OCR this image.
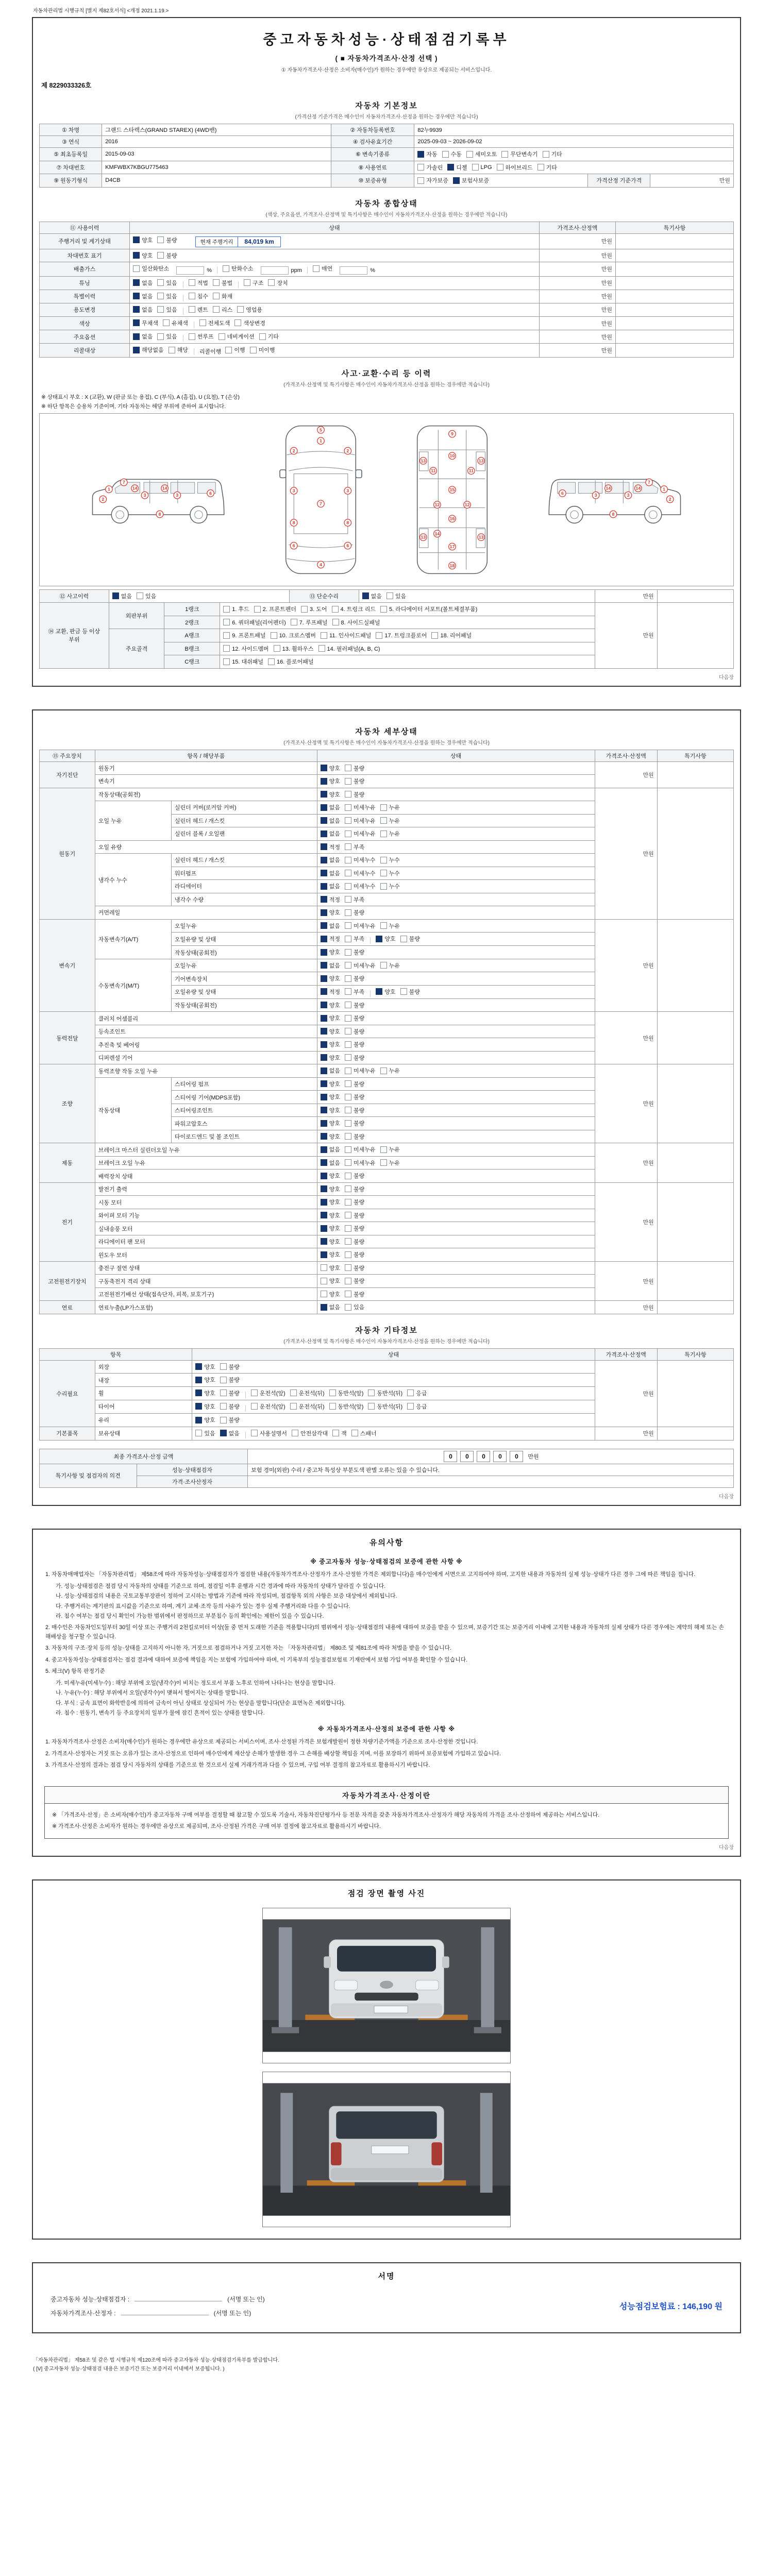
자동차관리법 시행규칙 [별지 제82호서식] <개정 2021.1.19.>
중고자동차성능·상태점검기록부
( ■ 자동차가격조사·산정 선택 )
① 자동차가격조사·산정은 소비자(매수인)가 원하는 경우에만 유상으로 제공되는 서비스입니다.
제 8229033326호
자동차 기본정보
(가격산정 기준가격은 매수인이 자동차가격조사·산정을 원하는 경우에만 적습니다)
① 차명	그랜드 스타렉스(GRAND STAREX) (4WD밴)	② 자동차등록번호	82누9939		
③ 연식	2016	④ 검사유효기간	2025-09-03 ~ 2026-09-02		
⑤ 최초등록일	2015-09-03	⑥ 변속기종류	자동 수동 세미오토 무단변속기 기타		

⑦ 차대번호	KMFWBX7KBGU775463	⑧ 사용연료	가솔린 디젤 LPG 하이브리드 기타		

⑨ 원동기형식	D4CB	⑩ 보증유형	자가보증 보험사보증	가격산정 기준가격	만원
자동차 종합상태
(색상, 주요옵션, 가격조사·산정액 및 특기사항은 매수인이 자동차가격조사·산정을 원하는 경우에만 적습니다)
⑪ 사용이력	상태	가격조사·산정액	특기사항
주행거리 및 계기상태	양호 불량 현재 주행거리 84,019 km	만원	
차대번호 표기	양호 불량	만원	
배출가스	일산화탄소	%	탄화수소	ppm	매연	%	만원	
튜닝	없음 있음	적법 불법	구조 장치	만원	
특별이력	없음 있음 침수 화재	만원	
용도변경	없음 있음 렌트 리스 영업용	만원	
색상	무채색 유채색 전체도색 색상변경	만원	
주요옵션	없음 있음 썬루프 네비게이션 기타	만원	
리콜대상	해당없음 해당 리콜이행 이행 미이행	만원	
사고·교환·수리 등 이력
(가격조사·산정액 및 특기사항은 매수인이 자동차가격조사·산정을 원하는 경우에만 적습니다)
※ 상태표시 부호 : X (교환), W (판금 또는 용접), C (부식), A (흠집), U (요철), T (손상)
※ 하단 항목은 승용차 기준이며, 기타 자동차는 해당 부위에 준하여 표시합니다.
1
7
2
3	3	6
8
14	14
1
5
2	2
3	3
7
8	8
6	6
4
9
10
11	11
12	12
13	13
13	13
15
16
17
18
14
1
7
2
3
3
6
8
14
14
⑫ 사고이력	없음 있음	⑬ 단순수리	없음 있음	만원	
⑭ 교환, 판금 등 이상 부위	외판부위	1랭크	1. 후드 2. 프론트펜더 3. 도어 4. 트렁크 리드 5. 라디에이터 서포트(볼트체결부품)	만원	
		2랭크	6. 쿼터패널(리어펜더) 7. 루프패널 8. 사이드실패널		

	주요골격	A랭크	9. 프론트패널 10. 크로스멤버 11. 인사이드패널 17. 트렁크플로어 18. 리어패널		

		B랭크	12. 사이드멤버 13. 휠하우스 14. 필러패널(A, B, C)		

		C랭크	15. 대쉬패널 16. 플로어패널		
다음장
자동차 세부상태
(가격조사·산정액 및 특기사항은 매수인이 자동차가격조사·산정을 원하는 경우에만 적습니다)
⑮ 주요장치	항목 / 해당부품		상태	가격조사·산정액	특기사항
자기진단	원동기		양호 불량	만원	
	변속기		양호 불량		

원동기	작동상태(공회전)		양호 불량	만원	
	오일 누유	실린더 커버(로커암 커버)	없음 미세누유 누유		

		실린더 헤드 / 개스킷	없음 미세누유 누유		

		실린더 블록 / 오일팬	없음 미세누유 누유		

	오일 유량		적정 부족		

	냉각수 누수	실린더 헤드 / 개스킷	없음 미세누수 누수		

		워터펌프	없음 미세누수 누수		

		라디에이터	없음 미세누수 누수		

		냉각수 수량	적정 부족		

	커먼레일		양호 불량		

변속기	자동변속기(A/T)	오일누유	없음 미세누유 누유	만원	
		오일유량 및 상태	적정 부족 양호 불량		

		작동상태(공회전)	양호 불량		

	수동변속기(M/T)	오일누유	없음 미세누유 누유		

		기어변속장치	양호 불량		

		오일유량 및 상태	적정 부족 양호 불량		

		작동상태(공회전)	양호 불량		

동력전달	클러치 어셈블리		양호 불량	만원	
	등속조인트		양호 불량		

	추진축 및 베어링		양호 불량		

	디퍼렌셜 기어		양호 불량		

조향	동력조향 작동 오일 누유		없음 미세누유 누유	만원	
	작동상태	스티어링 펌프	양호 불량		

		스티어링 기어(MDPS포함)	양호 불량		

		스티어링조인트	양호 불량		

		파워고압호스	양호 불량		

		타이로드엔드 및 볼 조인트	양호 불량		

제동	브레이크 마스터 실린더오일 누유		없음 미세누유 누유	만원	
	브레이크 오일 누유		없음 미세누유 누유		

	배력장치 상태		양호 불량		

전기	발전기 출력		양호 불량	만원	
	시동 모터		양호 불량		

	와이퍼 모터 기능		양호 불량		

	실내송풍 모터		양호 불량		

	라디에이터 팬 모터		양호 불량		

	윈도우 모터		양호 불량		

고전원전기장치	충전구 절연 상태		양호 불량	만원	
	구동축전지 격리 상태		양호 불량		

	고전원전기배선 상태(접속단자, 피복, 보호기구)		양호 불량		

연료	연료누출(LP가스포함)		없음 있음	만원	
자동차 기타정보
(가격조사·산정액 및 특기사항은 매수인이 자동차가격조사·산정을 원하는 경우에만 적습니다)
항목		상태	가격조사·산정액	특기사항
수리필요	외장	양호 불량	만원	
	내장	양호 불량		

휠	양호 불량	운전석(앞) 운전석(뒤) 동반석(앞) 동반석(뒤) 응급

타이어	양호 불량	운전석(앞) 운전석(뒤) 동반석(앞) 동반석(뒤) 응급

	유리	양호 불량		

기본품목	보유상태	있음 없음	사용설명서 안전삼각대 잭 스패너	만원	
최종 가격조사·산정 금액		0 0 0 0 0 만원
특기사항 및 점검자의 의견	성능·상태점검자	보험 경미(외판) 수리 / 중고차 특성상 부분도색 판별 오류는 있을 수 있습니다.
	가격·조사산정자	
다음장
유의사항
※ 중고자동차 성능·상태점검의 보증에 관한 사항 ※
1. 자동차매매업자는 「자동차관리법」 제58조에 따라 자동차성능·상태점검자가 점검한 내용(자동차가격조사·산정자가 조사·산정한 가격은 제외합니다)을 매수인에게 서면으로 고지하여야 하며, 고지한 내용과 자동차의 실제 성능·상태가 다른 경우 그에 따른 책임을 집니다.
가. 성능·상태점검은 점검 당시 자동차의 상태를 기준으로 하며, 점검일 이후 운행과 시간 경과에 따라 자동차의 상태가 달라질 수 있습니다.
나. 성능·상태점검의 내용은 국토교통부장관이 정하여 고시하는 방법과 기준에 따라 작성되며, 점검항목 외의 사항은 보증 대상에서 제외됩니다.
다. 주행거리는 계기판의 표시값을 기준으로 하며, 계기 교체·조작 등의 사유가 있는 경우 실제 주행거리와 다를 수 있습니다.
라. 침수 여부는 점검 당시 확인이 가능한 범위에서 판정하므로 부분침수 등의 확인에는 제한이 있을 수 있습니다.
2. 매수인은 자동차인도일부터 30일 이상 또는 주행거리 2천킬로미터 이상(둘 중 먼저 도래한 기준을 적용합니다)의 범위에서 성능·상태점검의 내용에 대하여 보증을 받을 수 있으며, 보증기간 또는 보증거리 이내에 고지한 내용과 자동차의 실제 상태가 다른 경우에는 계약의 해제 또는 손해배상을 청구할 수 있습니다.
3. 자동차의 구조·장치 등의 성능·상태를 고지하지 아니한 자, 거짓으로 점검하거나 거짓 고지한 자는 「자동차관리법」 제80조 및 제81조에 따라 처벌을 받을 수 있습니다.
4. 중고자동차성능·상태점검자는 점검 결과에 대하여 보증에 책임을 지는 보험에 가입하여야 하며, 이 기록부의 성능점검보험료 기재란에서 보험 가입 여부를 확인할 수 있습니다.
5. 체크(V) 항목 판정기준
가. 미세누유(미세누수) : 해당 부위에 오일(냉각수)이 비치는 정도로서 부품 노후로 인하여 나타나는 현상을 말합니다.
나. 누유(누수) : 해당 부위에서 오일(냉각수)이 맺혀서 떨어지는 상태를 말합니다.
다. 부식 : 금속 표면이 화학반응에 의하여 금속이 아닌 상태로 상실되어 가는 현상을 말합니다(단순 표면녹은 제외합니다).
라. 침수 : 원동기, 변속기 등 주요장치의 일부가 물에 잠긴 흔적이 있는 상태를 말합니다.
※ 자동차가격조사·산정의 보증에 관한 사항 ※
1. 자동차가격조사·산정은 소비자(매수인)가 원하는 경우에만 유상으로 제공되는 서비스이며, 조사·산정된 가격은 보험개발원이 정한 차량기준가액을 기준으로 조사·산정한 것입니다.
2. 가격조사·산정자는 거짓 또는 오류가 있는 조사·산정으로 인하여 매수인에게 재산상 손해가 발생한 경우 그 손해를 배상할 책임을 지며, 이를 보장하기 위하여 보증보험에 가입하고 있습니다.
3. 가격조사·산정의 결과는 점검 당시 자동차의 상태를 기준으로 한 것으로서 실제 거래가격과 다를 수 있으며, 구입 여부 결정의 참고자료로 활용하시기 바랍니다.
자동차가격조사·산정이란
※ 「가격조사·산정」은 소비자(매수인)가 중고자동차 구매 여부를 결정할 때 참고할 수 있도록 기술사, 자동차진단평가사 등 전문 자격을 갖춘 자동차가격조사·산정자가 해당 자동차의 가격을 조사·산정하여 제공하는 서비스입니다.
※ 가격조사·산정은 소비자가 원하는 경우에만 유상으로 제공되며, 조사·산정된 가격은 구매 여부 결정에 참고자료로 활용하시기 바랍니다.
다음장
점검 장면 촬영 사진
서명
중고자동차 성능·상태점검자 :	(서명 또는 인)
자동차가격조사·산정자 :	(서명 또는 인)
성능점검보험료 : 146,190 원
「자동차관리법」 제58조 및 같은 법 시행규칙 제120조에 따라 중고자동차 성능·상태점검기록부를 발급합니다.
( [V] 중고자동차 성능·상태점검 내용은 보증기간 또는 보증거리 이내에서 보증됩니다. )
